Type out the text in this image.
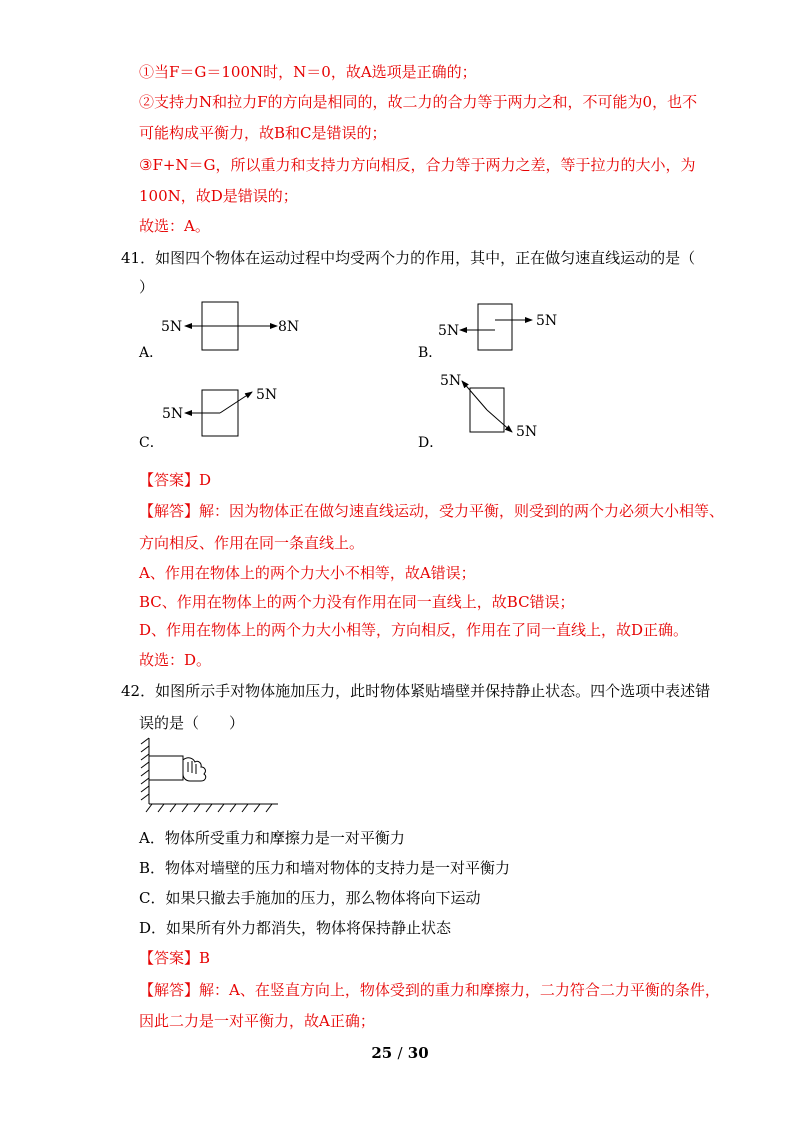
①当F＝G＝100N时，N＝0，故A选项是正确的；
②支持力N和拉力F的方向是相同的，故二力的合力等于两力之和，不可能为0，也不
可能构成平衡力，故B和C是错误的；
③F+N＝G，所以重力和支持力方向相反，合力等于两力之差，等于拉力的大小，为
100N，故D是错误的；
故选：A。
41．如图四个物体在运动过程中均受两个力的作用，其中，正在做匀速直线运动的是（
）
A．
5N	8N
B．
5N
5N
C．
5N
5N
D．
5N
5N
【答案】D
【解答】解：因为物体正在做匀速直线运动，受力平衡，则受到的两个力必须大小相等、
方向相反、作用在同一条直线上。
A、作用在物体上的两个力大小不相等，故A错误；
BC、作用在物体上的两个力没有作用在同一直线上，故BC错误；
D、作用在物体上的两个力大小相等，方向相反，作用在了同一直线上，故D正确。
故选：D。
42．如图所示手对物体施加压力，此时物体紧贴墙壁并保持静止状态。四个选项中表述错
误的是（　　）
A．物体所受重力和摩擦力是一对平衡力
B．物体对墙壁的压力和墙对物体的支持力是一对平衡力
C．如果只撤去手施加的压力，那么物体将向下运动
D．如果所有外力都消失，物体将保持静止状态
【答案】B
【解答】解：A、在竖直方向上，物体受到的重力和摩擦力，二力符合二力平衡的条件，
因此二力是一对平衡力，故A正确；
25 / 30
